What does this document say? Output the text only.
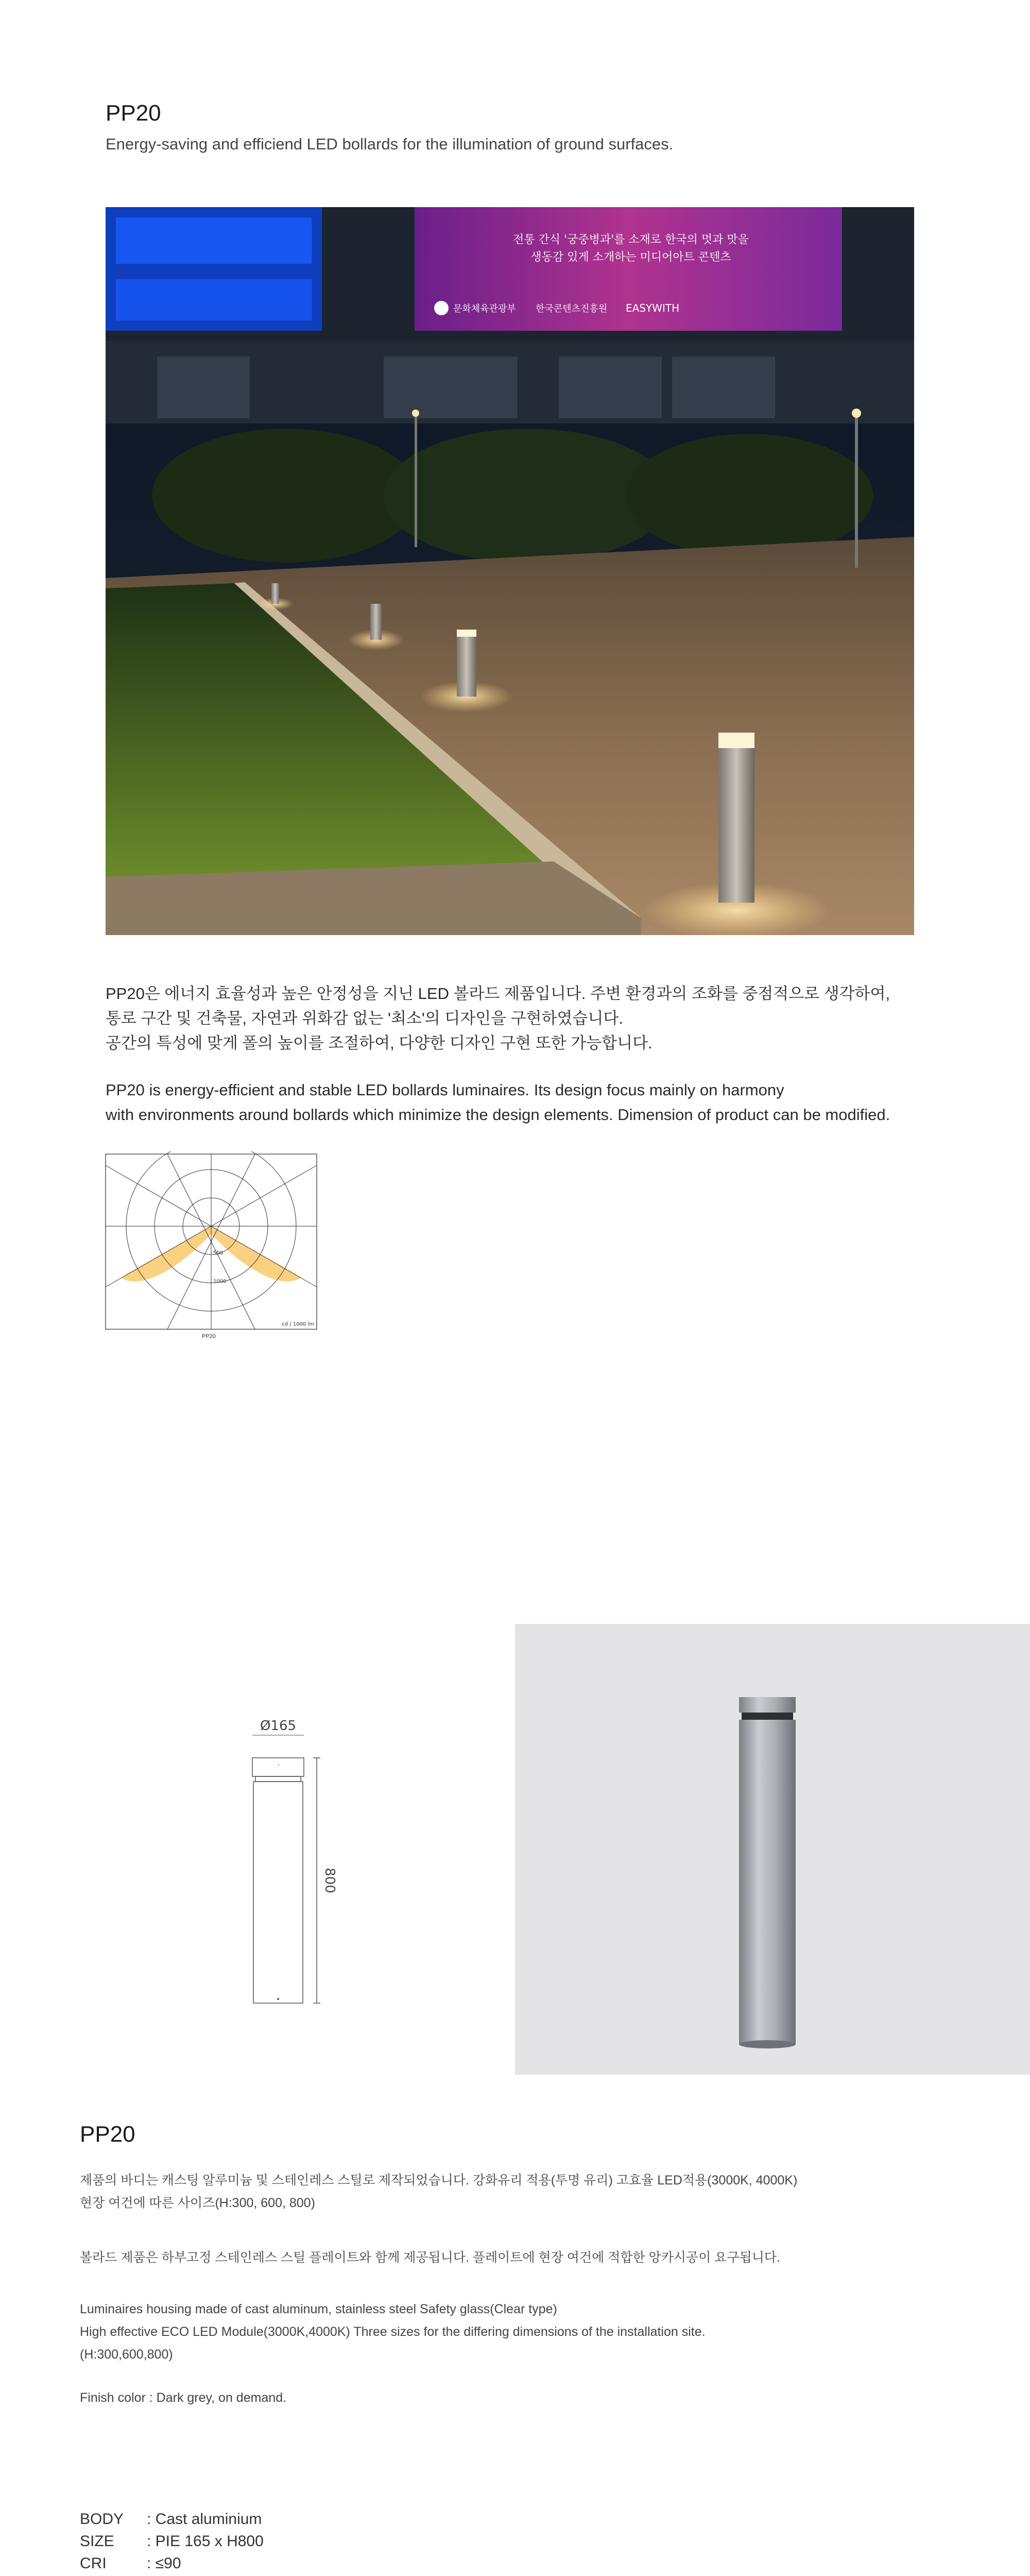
PP20
Energy-saving and efficiend LED bollards for the illumination of ground surfaces.
전통 간식 '궁중병과'를 소재로 한국의 멋과 맛을
생동감 있게 소개하는 미디어아트 콘텐츠
문화체육관광부 한국콘텐츠진흥원 EASYWITH
PP20은 에너지 효율성과 높은 안정성을 지닌 LED 볼라드 제품입니다. 주변 환경과의 조화를 중점적으로 생각하여,
통로 구간 및 건축물, 자연과 위화감 없는 '최소'의 디자인을 구현하였습니다.
공간의 특성에 맞게 폴의 높이를 조절하여, 다양한 디자인 구현 또한 가능합니다.
PP20 is energy-efficient and stable LED bollards luminaires. Its design focus mainly on harmony
with environments around bollards which minimize the design elements. Dimension of product can be modified.
500
1000
cd / 1000 lm
PP20
Ø165
800
PP20
제품의 바디는 캐스팅 알루미늄 및 스테인레스 스틸로 제작되었습니다. 강화유리 적용(투명 유리) 고효율 LED적용(3000K, 4000K)
현장 여건에 따른 사이즈(H:300, 600, 800)
볼라드 제품은 하부고정 스테인레스 스틸 플레이트와 함께 제공됩니다. 플레이트에 현장 여건에 적합한 앙카시공이 요구됩니다.
Luminaires housing made of cast aluminum, stainless steel Safety glass(Clear type)
High effective ECO LED Module(3000K,4000K) Three sizes for the differing dimensions of the installation site.
(H:300,600,800)
Finish color : Dark grey, on demand.
BODY	: Cast aluminium
SIZE	: PIE 165 x H800
CRI	: ≤90
